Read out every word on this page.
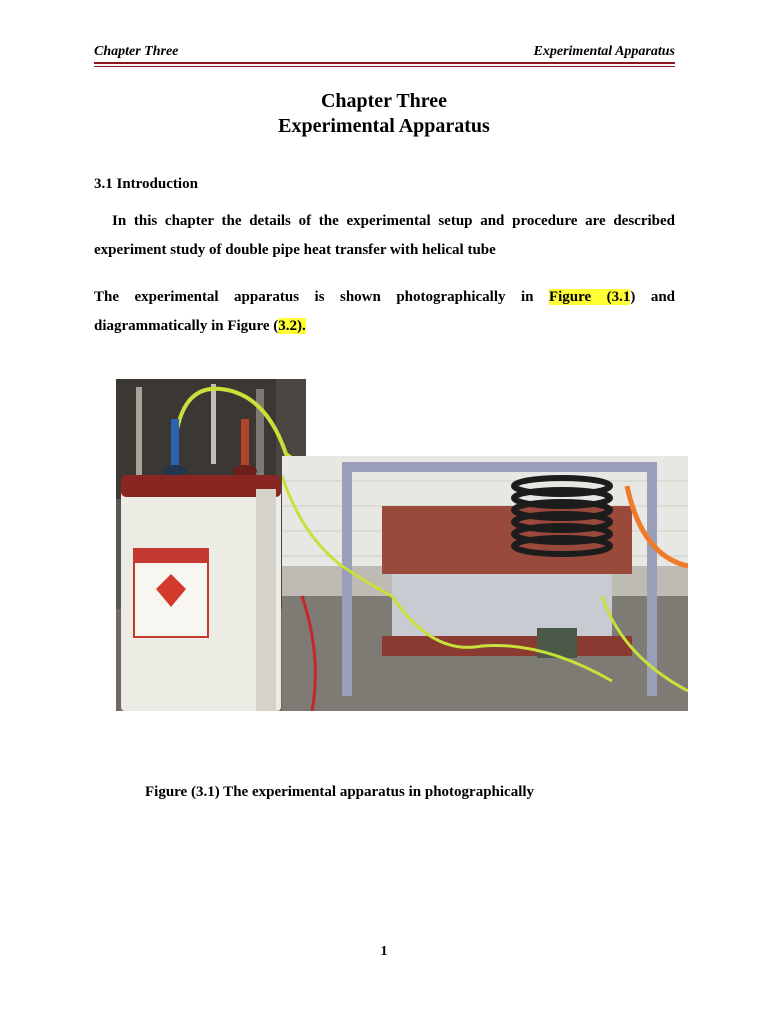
Chapter Three	Experimental Apparatus
Chapter Three
Experimental Apparatus
3.1 Introduction
In this chapter the details of the experimental setup and procedure are described experiment study of double pipe heat transfer with helical tube
The experimental apparatus is shown photographically in Figure (3.1) and diagrammatically in Figure (3.2).
Figure (3.1) The experimental apparatus in photographically
1
